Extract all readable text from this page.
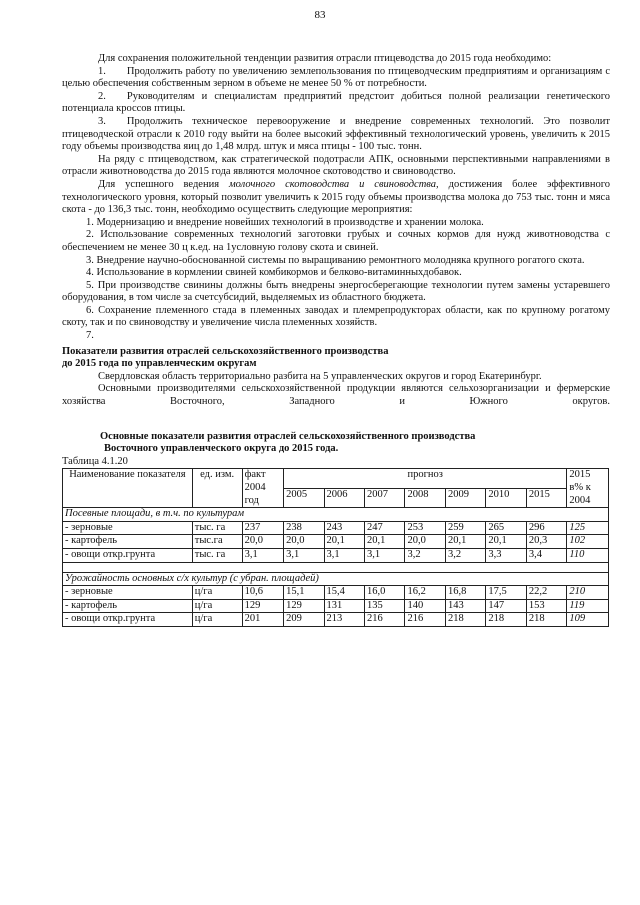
83

Для сохранения положительной тенденции развития отрасли птицеводства до 2015 года необходимо:

1.  Продолжить работу по увеличению землепользования по птицеводческим предприятиям и организациям с целью обеспечения собственным зерном в объеме не менее 50 % от потребности.

2.  Руководителям и специалистам предприятий предстоит добиться полной реализации генетического потенциала кроссов птицы.

3.  Продолжить техническое перевооружение и внедрение современных технологий. Это позволит птицеводческой отрасли к 2010 году выйти на более высокий эффективный технологический уровень, увеличить к 2015 году объемы производства яиц до 1,48 млрд. штук и мяса птицы - 100 тыс. тонн.

На ряду с птицеводством, как стратегической подотрасли АПК, основными перспективными направлениями в отрасли животноводства до 2015 года являются молочное скотоводство и свиноводство.

Для успешного ведения молочного скотоводства и свиноводства, достижения более эффективного технологического уровня, который позволит увеличить к 2015 году объемы производства молока до 753 тыс. тонн и мяса скота - до 136,3 тыс. тонн, необходимо осуществить следующие мероприятия:

1. Модернизацию и внедрение новейших технологий в производстве и хранении молока.

2. Использование современных технологий заготовки грубых и сочных кормов для нужд животноводства с обеспечением не менее 30 ц к.ед. на 1условную голову скота и свиней.

3. Внедрение научно-обоснованной системы по выращиванию ремонтного молодняка крупного рогатого скота.

4. Использование в кормлении свиней комбикормов и белково-витаминныхдобавок.

5. При производстве свинины должны быть внедрены энергосберегающие технологии путем замены устаревшего оборудования, в том числе за счетсубсидий, выделяемых из областного бюджета.

6. Сохранение племенного стада в племенных заводах и племрепродукторах области, как по крупному рогатому скоту, так и по свиноводству и увеличение числа племенных хозяйств.

7.

Показатели развития отраслей сельскохозяйственного производства

до 2015 года по управленческим округам

Свердловская область территориально разбита на 5 управленческих округов и город Екатеринбург.

Основными производителями сельскохозяйственной продукции являются сельхозорганизации и фермерские хозяйства Восточного, Западного и Южного округов.

Основные показатели развития отраслей сельскохозяйственного производства

Восточного управленческого округа до 2015 года.

Таблица 4.1.20

Наименование показателя	ед. изм.	факт 2004 год	прогноз							2015 в% к 2004
			2005	2006	2007	2008	2009	2010	2015	
Посевные площади, в т.ч. по культурам										
- зерновые	тыс. га	237	238	243	247	253	259	265	296	125
- картофель	тыс.га	20,0	20,0	20,1	20,1	20,0	20,1	20,1	20,3	102
- овощи откр.грунта	тыс. га	3,1	3,1	3,1	3,1	3,2	3,2	3,3	3,4	110

Урожайность основных с/х культур (с убран. площадей)										
- зерновые	ц/га	10,6	15,1	15,4	16,0	16,2	16,8	17,5	22,2	210
- картофель	ц/га	129	129	131	135	140	143	147	153	119
- овощи откр.грунта	ц/га	201	209	213	216	216	218	218	218	109
